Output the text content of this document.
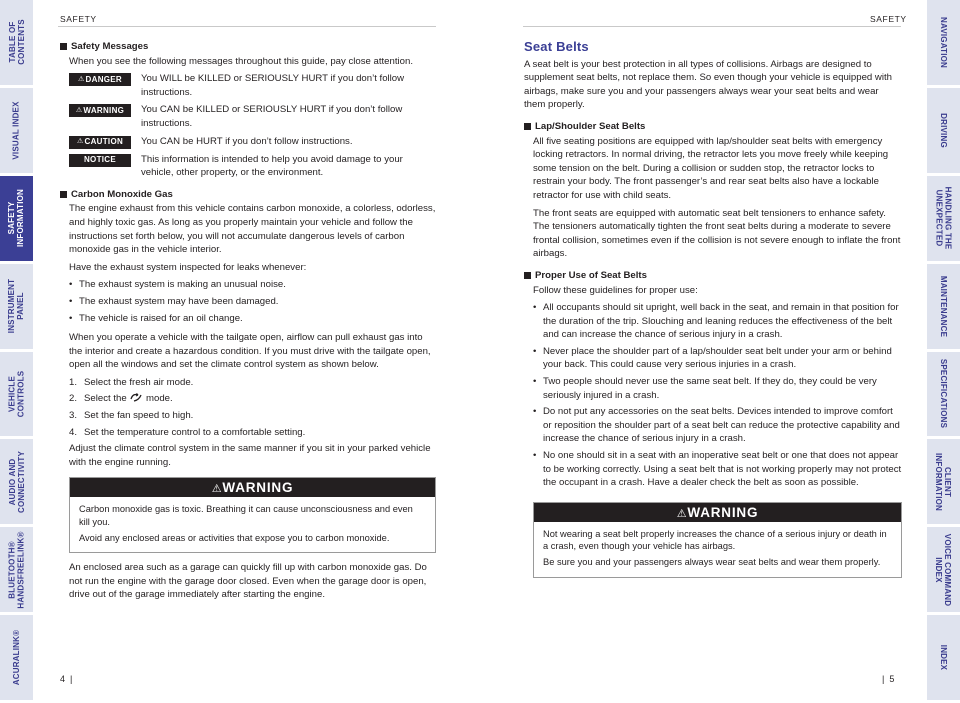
TABLE OF
CONTENTS
VISUAL INDEX
SAFETY
INFORMATION
INSTRUMENT
PANEL
VEHICLE
CONTROLS
AUDIO AND
CONNECTIVITY
BLUETOOTH®
HANDSFREELINK®
ACURALINK®
NAVIGATION
DRIVING
HANDLING THE
UNEXPECTED
MAINTENANCE
SPECIFICATIONS
CLIENT
INFORMATION
VOICE COMMAND
INDEX
INDEX
SAFETY	SAFETY
Safety Messages

When you see the following messages throughout this guide, pay close attention.

⚠ DANGER You WILL be KILLED or SERIOUSLY HURT if you don’t follow instructions.
⚠ WARNING You CAN be KILLED or SERIOUSLY HURT if you don’t follow instructions.
⚠ CAUTION You CAN be HURT if you don’t follow instructions.
NOTICE	This information is intended to help you avoid damage to your vehicle, other property, or the environment.
Carbon Monoxide Gas

The engine exhaust from this vehicle contains carbon monoxide, a colorless, odorless, and highly toxic gas. As long as you properly maintain your vehicle and follow the instructions set forth below, you will not accumulate dangerous levels of carbon monoxide gas in the vehicle interior.

Have the exhaust system inspected for leaks whenever:

• The exhaust system is making an unusual noise.
• The exhaust system may have been damaged.
• The vehicle is raised for an oil change.

When you operate a vehicle with the tailgate open, airflow can pull exhaust gas into the interior and create a hazardous condition. If you must drive with the tailgate open, open all the windows and set the climate control system as shown below.

1. Select the fresh air mode.
2. Select the

mode.
3. Set the fan speed to high.
4. Set the temperature control to a comfortable setting.

Adjust the climate control system in the same manner if you sit in your parked vehicle with the engine running.

⚠WARNING

Carbon monoxide gas is toxic. Breathing it can cause unconsciousness and even kill you.

Avoid any enclosed areas or activities that expose you to carbon monoxide.

An enclosed area such as a garage can quickly fill up with carbon monoxide gas. Do not run the engine with the garage door closed. Even when the garage door is open, drive out of the garage immediately after starting the engine.

Seat Belts

A seat belt is your best protection in all types of collisions. Airbags are designed to supplement seat belts, not replace them. So even though your vehicle is equipped with airbags, make sure you and your passengers always wear your seat belts and wear them properly.

Lap/Shoulder Seat Belts

All five seating positions are equipped with lap/shoulder seat belts with emergency locking retractors. In normal driving, the retractor lets you move freely while keeping some tension on the belt. During a collision or sudden stop, the retractor locks to restrain your body. The front passenger’s and rear seat belts also have a lockable retractor for use with child seats.

The front seats are equipped with automatic seat belt tensioners to enhance safety. The tensioners automatically tighten the front seat belts during a moderate to severe frontal collision, sometimes even if the collision is not severe enough to inflate the front airbags.

Proper Use of Seat Belts

Follow these guidelines for proper use:

• All occupants should sit upright, well back in the seat, and remain in that position for the duration of the trip. Slouching and leaning reduces the effectiveness of the belt and can increase the chance of serious injury in a crash.
• Never place the shoulder part of a lap/shoulder seat belt under your arm or behind your back. This could cause very serious injuries in a crash.
• Two people should never use the same seat belt. If they do, they could be very seriously injured in a crash.
• Do not put any accessories on the seat belts. Devices intended to improve comfort or reposition the shoulder part of a seat belt can reduce the protective capability and increase the chance of serious injury in a crash.
• No one should sit in a seat with an inoperative seat belt or one that does not appear to be working correctly. Using a seat belt that is not working properly may not protect the occupant in a crash. Have a dealer check the belt as soon as possible.
⚠WARNING

Not wearing a seat belt properly increases the chance of a serious injury or death in a crash, even though your vehicle has airbags.

Be sure you and your passengers always wear seat belts and wear them properly.

4  |	|  5
